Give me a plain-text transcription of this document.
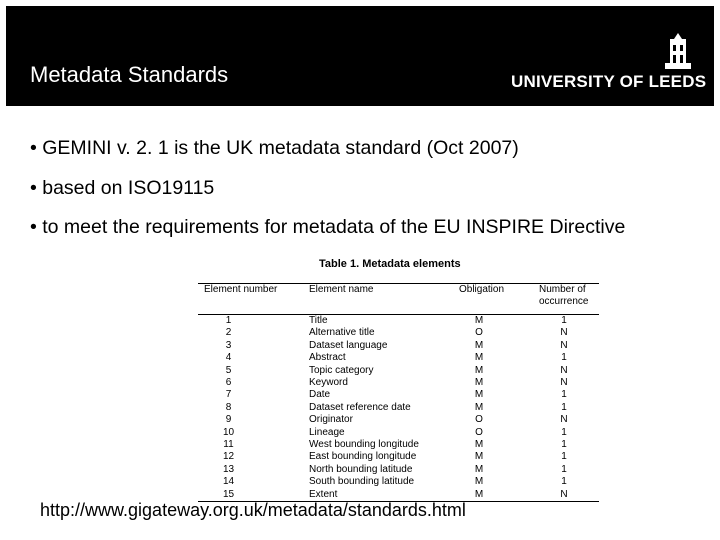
Metadata Standards	UNIVERSITY OF LEEDS
• GEMINI v. 2. 1 is the UK metadata standard (Oct 2007)
• based on ISO19115
• to meet the requirements for metadata of the EU INSPIRE Directive
Table 1. Metadata elements
Element number	Element name	Obligation	Number of occurrence
1	Title	M	1
2	Alternative title	O	N
3	Dataset language	M	N
4	Abstract	M	1
5	Topic category	M	N
6	Keyword	M	N
7	Date	M	1
8	Dataset reference date	M	1
9	Originator	O	N
10	Lineage	O	1
11	West bounding longitude	M	1
12	East bounding longitude	M	1
13	North bounding latitude	M	1
14	South bounding latitude	M	1
15	Extent	M	N
http://www.gigateway.org.uk/metadata/standards.html
